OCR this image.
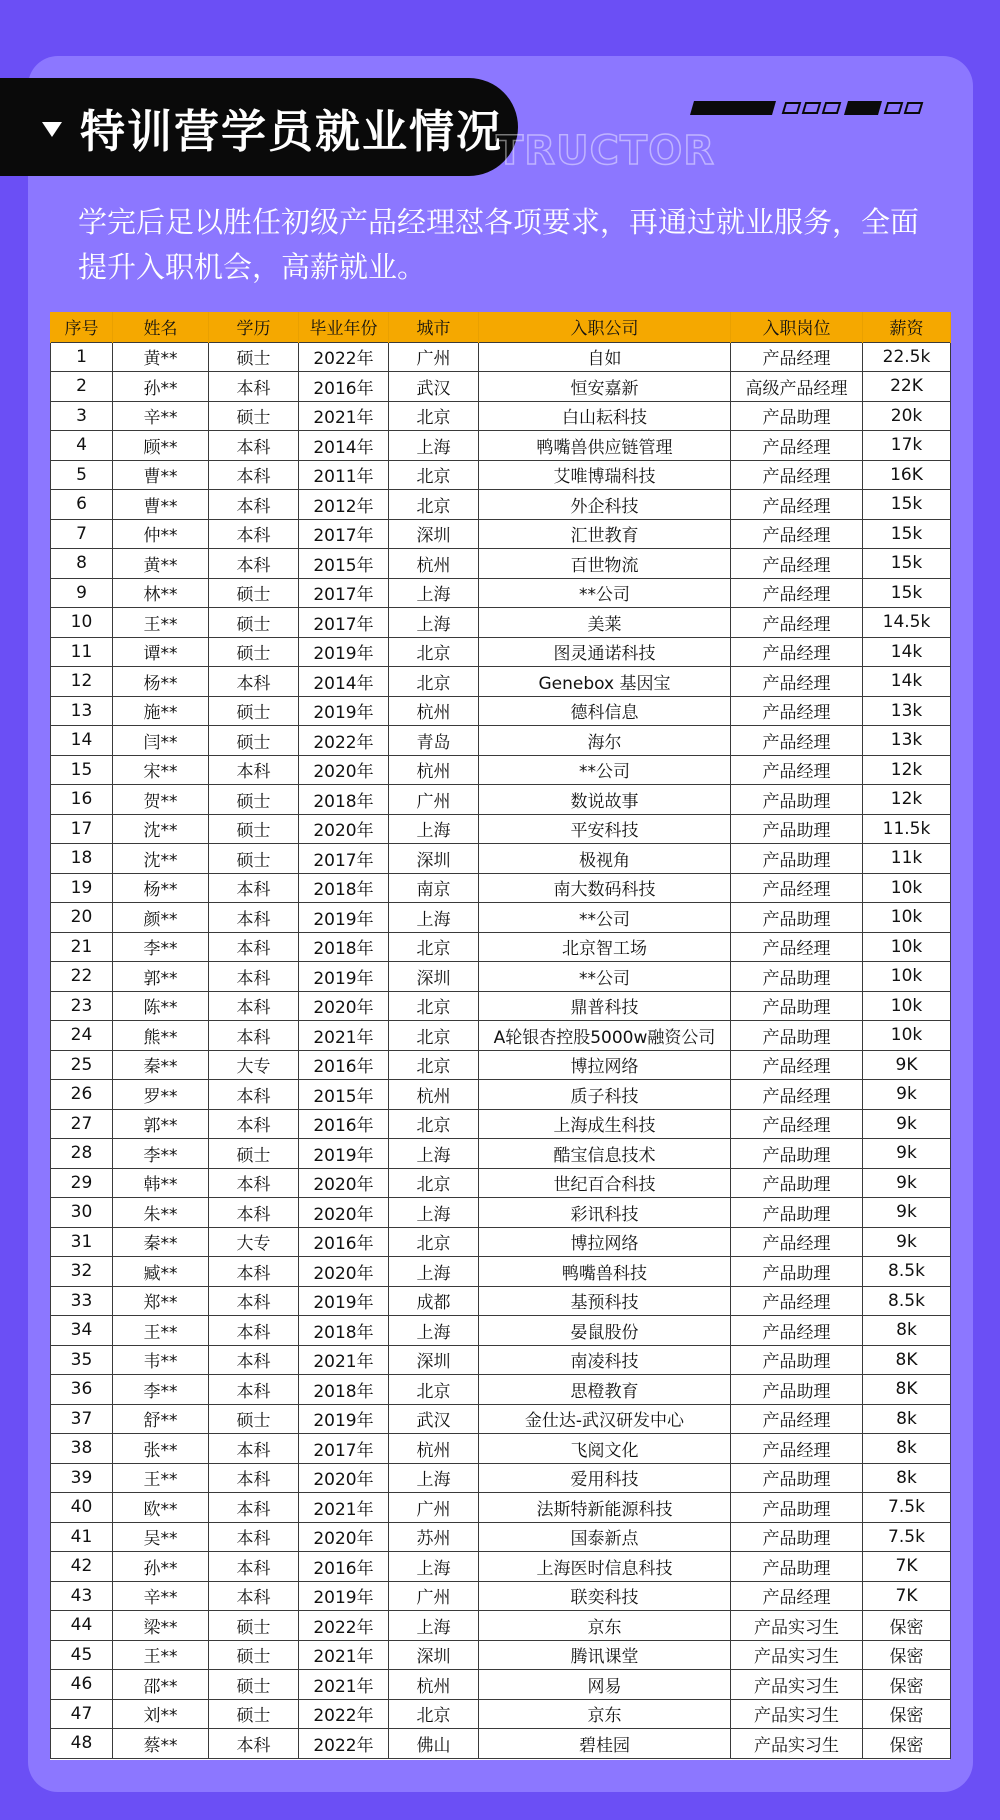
特训营学员就业情况
TRUCTOR
学完后足以胜任初级产品经理怼各项要求，再通过就业服务，全面提升入职机会，高薪就业。
序号	姓名	学历	毕业年份	城市	入职公司	入职岗位	薪资
1	黄**	硕士	2022年	广州	自如	产品经理	22.5k
2	孙**	本科	2016年	武汉	恒安嘉新	高级产品经理	22K
3	辛**	硕士	2021年	北京	白山耘科技	产品助理	20k
4	顾**	本科	2014年	上海	鸭嘴兽供应链管理	产品经理	17k
5	曹**	本科	2011年	北京	艾唯博瑞科技	产品经理	16K
6	曹**	本科	2012年	北京	外企科技	产品经理	15k
7	仲**	本科	2017年	深圳	汇世教育	产品经理	15k
8	黄**	本科	2015年	杭州	百世物流	产品经理	15k
9	林**	硕士	2017年	上海	**公司	产品经理	15k
10	王**	硕士	2017年	上海	美莱	产品经理	14.5k
11	谭**	硕士	2019年	北京	图灵通诺科技	产品经理	14k
12	杨**	本科	2014年	北京	Genebox 基因宝	产品经理	14k
13	施**	硕士	2019年	杭州	德科信息	产品经理	13k
14	闫**	硕士	2022年	青岛	海尔	产品经理	13k
15	宋**	本科	2020年	杭州	**公司	产品经理	12k
16	贺**	硕士	2018年	广州	数说故事	产品助理	12k
17	沈**	硕士	2020年	上海	平安科技	产品助理	11.5k
18	沈**	硕士	2017年	深圳	极视角	产品助理	11k
19	杨**	本科	2018年	南京	南大数码科技	产品经理	10k
20	颜**	本科	2019年	上海	**公司	产品助理	10k
21	李**	本科	2018年	北京	北京智工场	产品经理	10k
22	郭**	本科	2019年	深圳	**公司	产品助理	10k
23	陈**	本科	2020年	北京	鼎普科技	产品助理	10k
24	熊**	本科	2021年	北京	A轮银杏控股5000w融资公司	产品助理	10k
25	秦**	大专	2016年	北京	博拉网络	产品经理	9K
26	罗**	本科	2015年	杭州	质子科技	产品经理	9k
27	郭**	本科	2016年	北京	上海成生科技	产品经理	9k
28	李**	硕士	2019年	上海	酷宝信息技术	产品助理	9k
29	韩**	本科	2020年	北京	世纪百合科技	产品助理	9k
30	朱**	本科	2020年	上海	彩讯科技	产品助理	9k
31	秦**	大专	2016年	北京	博拉网络	产品经理	9k
32	臧**	本科	2020年	上海	鸭嘴兽科技	产品助理	8.5k
33	郑**	本科	2019年	成都	基预科技	产品经理	8.5k
34	王**	本科	2018年	上海	晏鼠股份	产品经理	8k
35	韦**	本科	2021年	深圳	南凌科技	产品助理	8K
36	李**	本科	2018年	北京	思橙教育	产品助理	8K
37	舒**	硕士	2019年	武汉	金仕达-武汉研发中心	产品经理	8k
38	张**	本科	2017年	杭州	飞阅文化	产品经理	8k
39	王**	本科	2020年	上海	爱用科技	产品助理	8k
40	欧**	本科	2021年	广州	法斯特新能源科技	产品助理	7.5k
41	吴**	本科	2020年	苏州	国泰新点	产品助理	7.5k
42	孙**	本科	2016年	上海	上海医时信息科技	产品助理	7K
43	辛**	本科	2019年	广州	联奕科技	产品经理	7K
44	梁**	硕士	2022年	上海	京东	产品实习生	保密
45	王**	硕士	2021年	深圳	腾讯课堂	产品实习生	保密
46	邵**	硕士	2021年	杭州	网易	产品实习生	保密
47	刘**	硕士	2022年	北京	京东	产品实习生	保密
48	蔡**	本科	2022年	佛山	碧桂园	产品实习生	保密
